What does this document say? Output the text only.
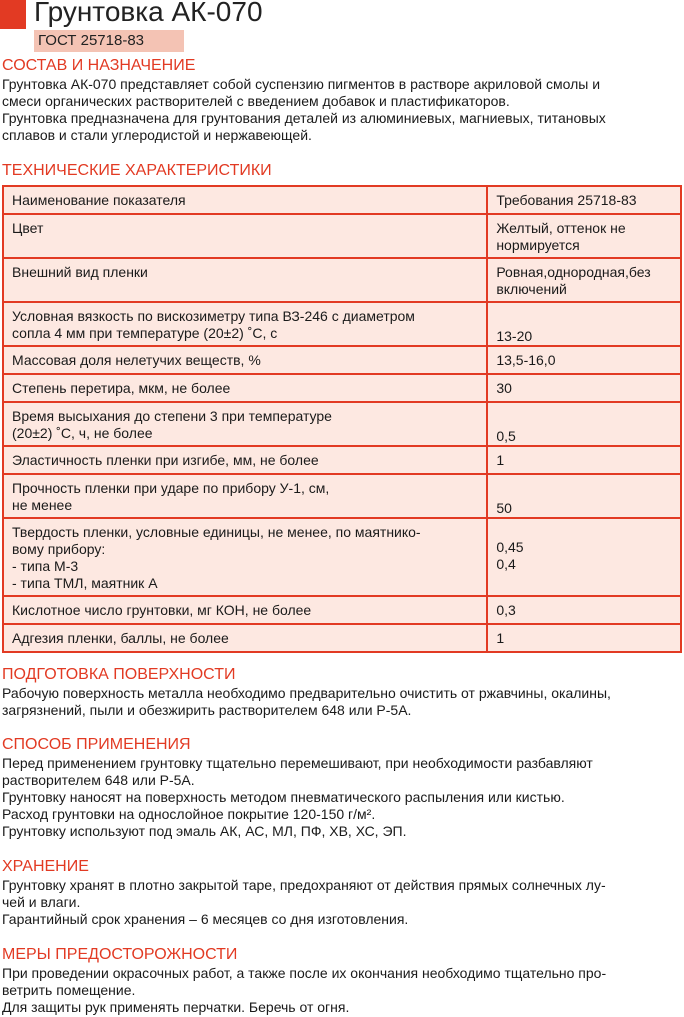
Грунтовка АК-070
ГОСТ 25718-83
СОСТАВ И НАЗНАЧЕНИЕ

Грунтовка АК-070 представляет собой суспензию пигментов в растворе акриловой смолы и

смеси органических растворителей с введением добавок и пластификаторов.

Грунтовка предназначена для грунтования деталей из алюминиевых, магниевых, титановых

сплавов и стали углеродистой и нержавеющей.

ТЕХНИЧЕСКИЕ ХАРАКТЕРИСТИКИ
Наименование показателя	Требования 25718-83
Цвет	Желтый, оттенок не
нормируется
Внешний вид пленки	Ровная,однородная,без
включений
Условная вязкость по вискозиметру типа ВЗ-246 с диаметром
сопла 4 мм при температуре (20±2) ˚С, с	13-20
Массовая доля нелетучих веществ, %	13,5-16,0
Степень перетира, мкм, не более	30
Время высыхания до степени 3 при температуре
(20±2) ˚С, ч, не более	0,5
Эластичность пленки при изгибе, мм, не более	1
Прочность пленки при ударе по прибору У-1, см,
не менее	50
Твердость пленки, условные единицы, не менее, по маятнико-
вому прибору:
- типа М-3
- типа ТМЛ, маятник А	0,45
0,4
Кислотное число грунтовки, мг КОН, не более	0,3
Адгезия пленки, баллы, не более	1
ПОДГОТОВКА ПОВЕРХНОСТИ

Рабочую поверхность металла необходимо предварительно очистить от ржавчины, окалины,

загрязнений, пыли и обезжирить растворителем 648 или Р-5А.

СПОСОБ ПРИМЕНЕНИЯ

Перед применением грунтовку тщательно перемешивают, при необходимости разбавляют

растворителем 648 или Р-5А.

Грунтовку наносят на поверхность методом пневматического распыления или кистью.

Расход грунтовки на однослойное покрытие 120-150 г/м².

Грунтовку используют под эмаль АК, АС, МЛ, ПФ, ХВ, ХС, ЭП.

ХРАНЕНИЕ

Грунтовку хранят в плотно закрытой таре, предохраняют от действия прямых солнечных лу-

чей и влаги.

Гарантийный срок хранения – 6 месяцев со дня изготовления.

МЕРЫ ПРЕДОСТОРОЖНОСТИ

При проведении окрасочных работ, а также после их окончания необходимо тщательно про-

ветрить помещение.

Для защиты рук применять перчатки. Беречь от огня.
